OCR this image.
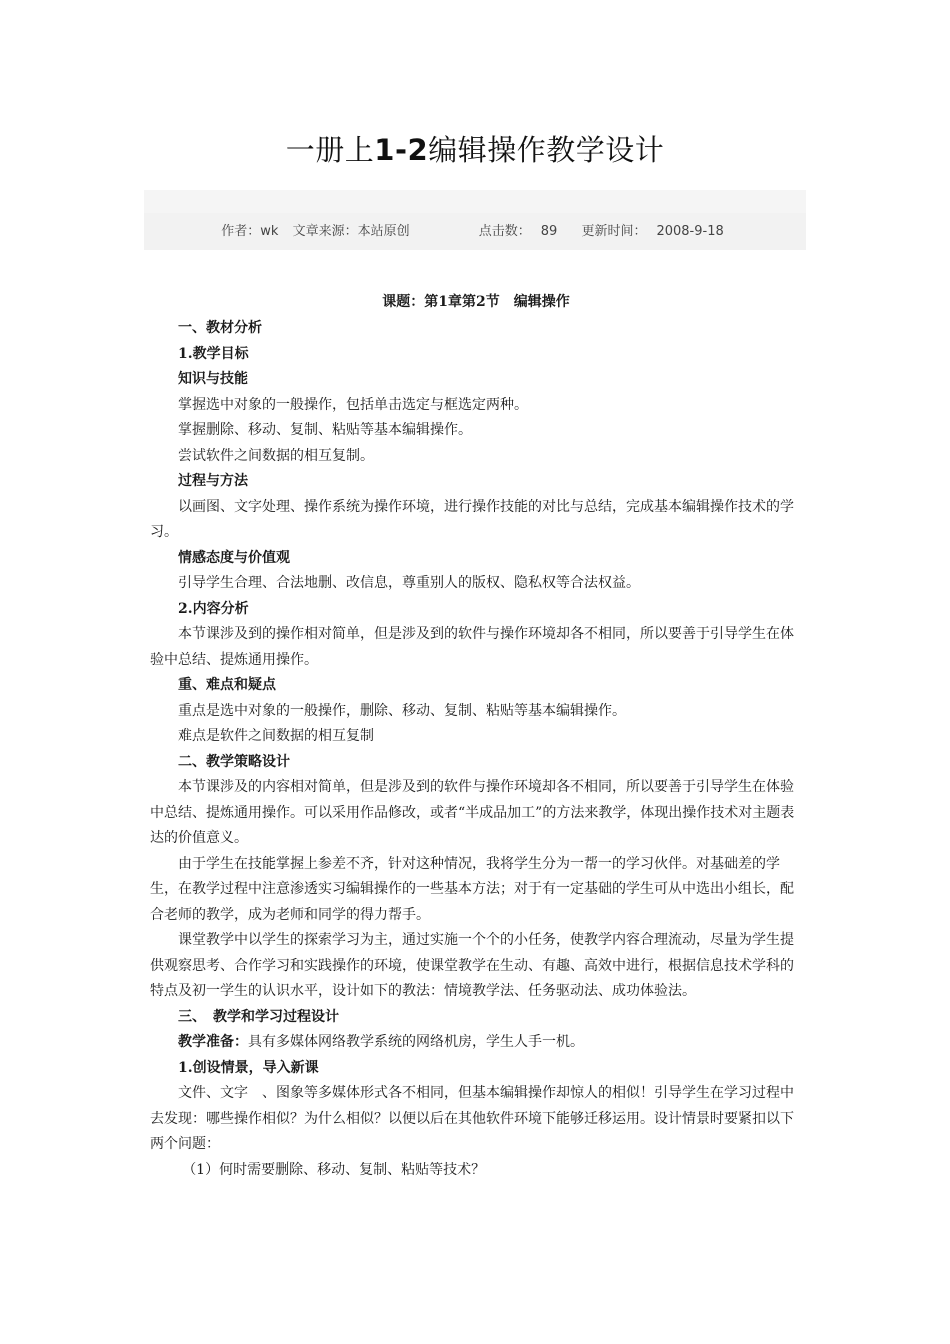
一册上1-2编辑操作教学设计
作者：wk 文章来源：本站原创	点击数： 89 更新时间： 2008-9-18

课题：第1章第2节　编辑操作

一、教材分析

1.教学目标

知识与技能

掌握选中对象的一般操作，包括单击选定与框选定两种。

掌握删除、移动、复制、粘贴等基本编辑操作。

尝试软件之间数据的相互复制。

过程与方法

以画图、文字处理、操作系统为操作环境，进行操作技能的对比与总结，完成基本编辑操作技术的学习。

情感态度与价值观

引导学生合理、合法地删、改信息，尊重别人的版权、隐私权等合法权益。

2.内容分析

本节课涉及到的操作相对简单，但是涉及到的软件与操作环境却各不相同，所以要善于引导学生在体验中总结、提炼通用操作。

重、难点和疑点

重点是选中对象的一般操作，删除、移动、复制、粘贴等基本编辑操作。

难点是软件之间数据的相互复制

二、教学策略设计

本节课涉及的内容相对简单，但是涉及到的软件与操作环境却各不相同，所以要善于引导学生在体验中总结、提炼通用操作。可以采用作品修改，或者“半成品加工”的方法来教学，体现出操作技术对主题表达的价值意义。

由于学生在技能掌握上参差不齐，针对这种情况，我将学生分为一帮一的学习伙伴。对基础差的学生，在教学过程中注意渗透实习编辑操作的一些基本方法；对于有一定基础的学生可从中选出小组长，配合老师的教学，成为老师和同学的得力帮手。

课堂教学中以学生的探索学习为主，通过实施一个个的小任务，使教学内容合理流动，尽量为学生提供观察思考、合作学习和实践操作的环境，使课堂教学在生动、有趣、高效中进行，根据信息技术学科的特点及初一学生的认识水平，设计如下的教法：情境教学法、任务驱动法、成功体验法。

三、　教学和学习过程设计

教学准备：具有多媒体网络教学系统的网络机房，学生人手一机。

1.创设情景，导入新课

文件、文字　、图象等多媒体形式各不相同，但基本编辑操作却惊人的相似！引导学生在学习过程中去发现：哪些操作相似？为什么相似？以便以后在其他软件环境下能够迁移运用。设计情景时要紧扣以下两个问题：

（1）何时需要删除、移动、复制、粘贴等技术？
